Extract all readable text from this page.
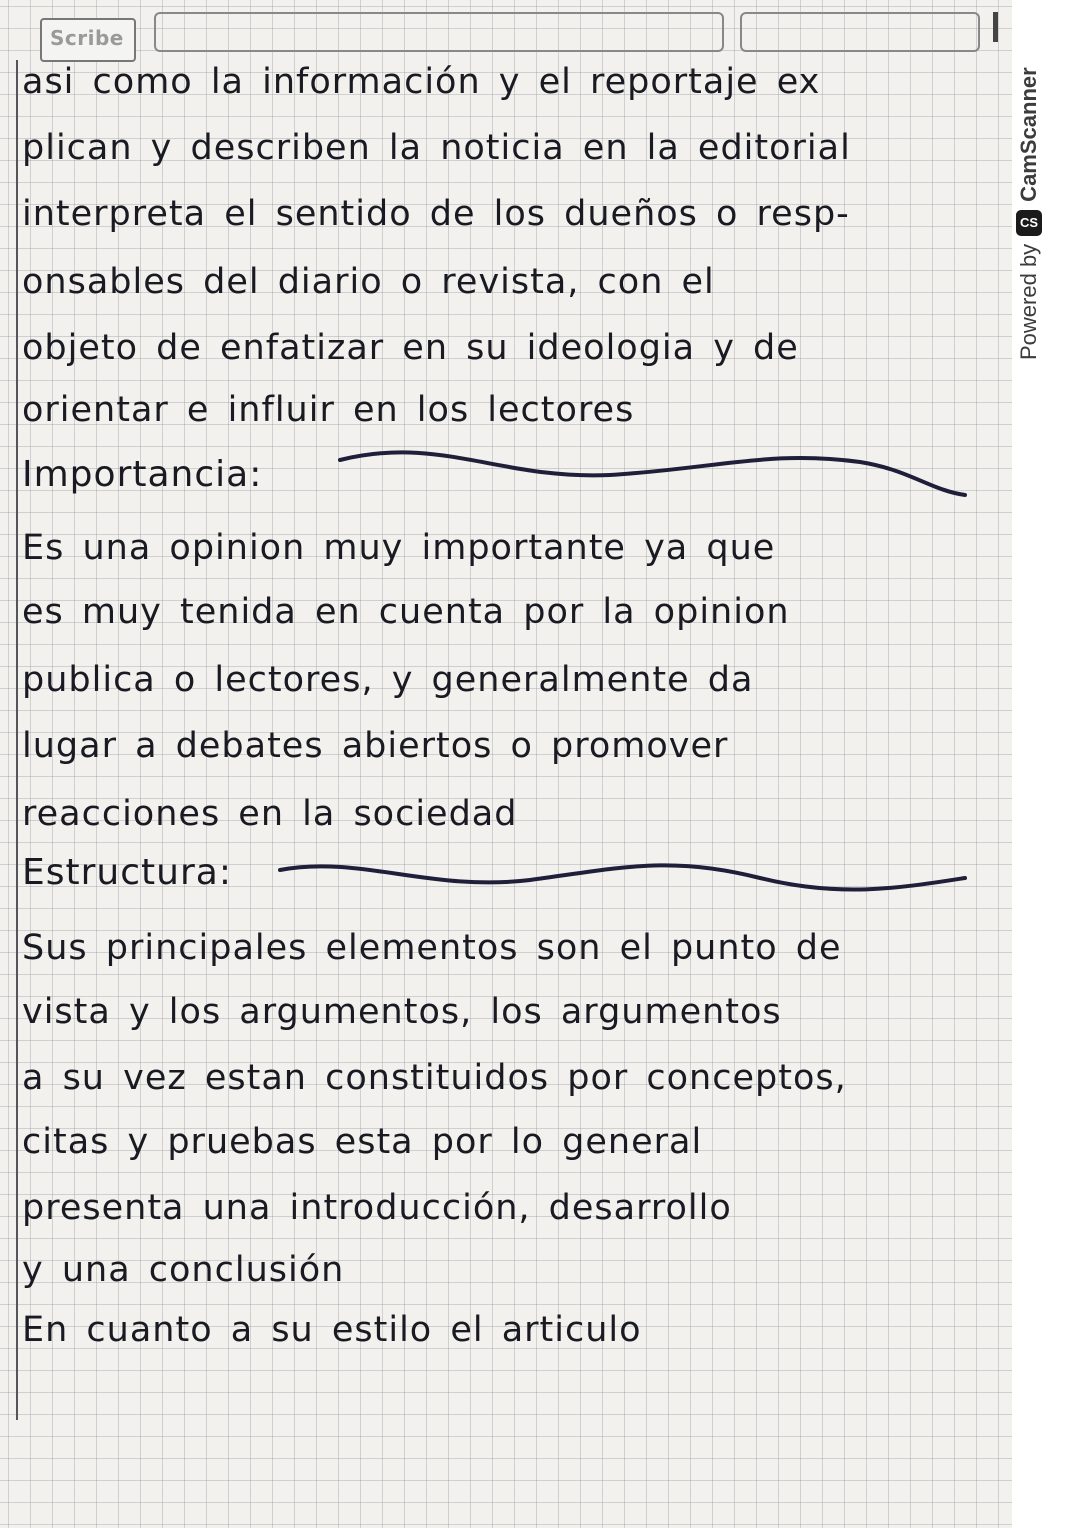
Scribe
asi como la información y el reportaje ex
plican y describen la noticia en la editorial
interpreta el sentido de los dueños o resp-
onsables del diario o revista, con el
objeto de enfatizar en su ideologia y de
orientar e influir en los lectores
Importancia:
Es una opinion muy importante ya que
es muy tenida en cuenta por la opinion
publica o lectores, y generalmente da
lugar a debates abiertos o promover
reacciones en la sociedad
Estructura:
Sus principales elementos son el punto de
vista y los argumentos, los argumentos
a su vez estan constituidos por conceptos,
citas y pruebas esta por lo general
presenta una introducción, desarrollo
y una conclusión
En cuanto a su estilo el articulo
Powered by
CS
CamScanner
